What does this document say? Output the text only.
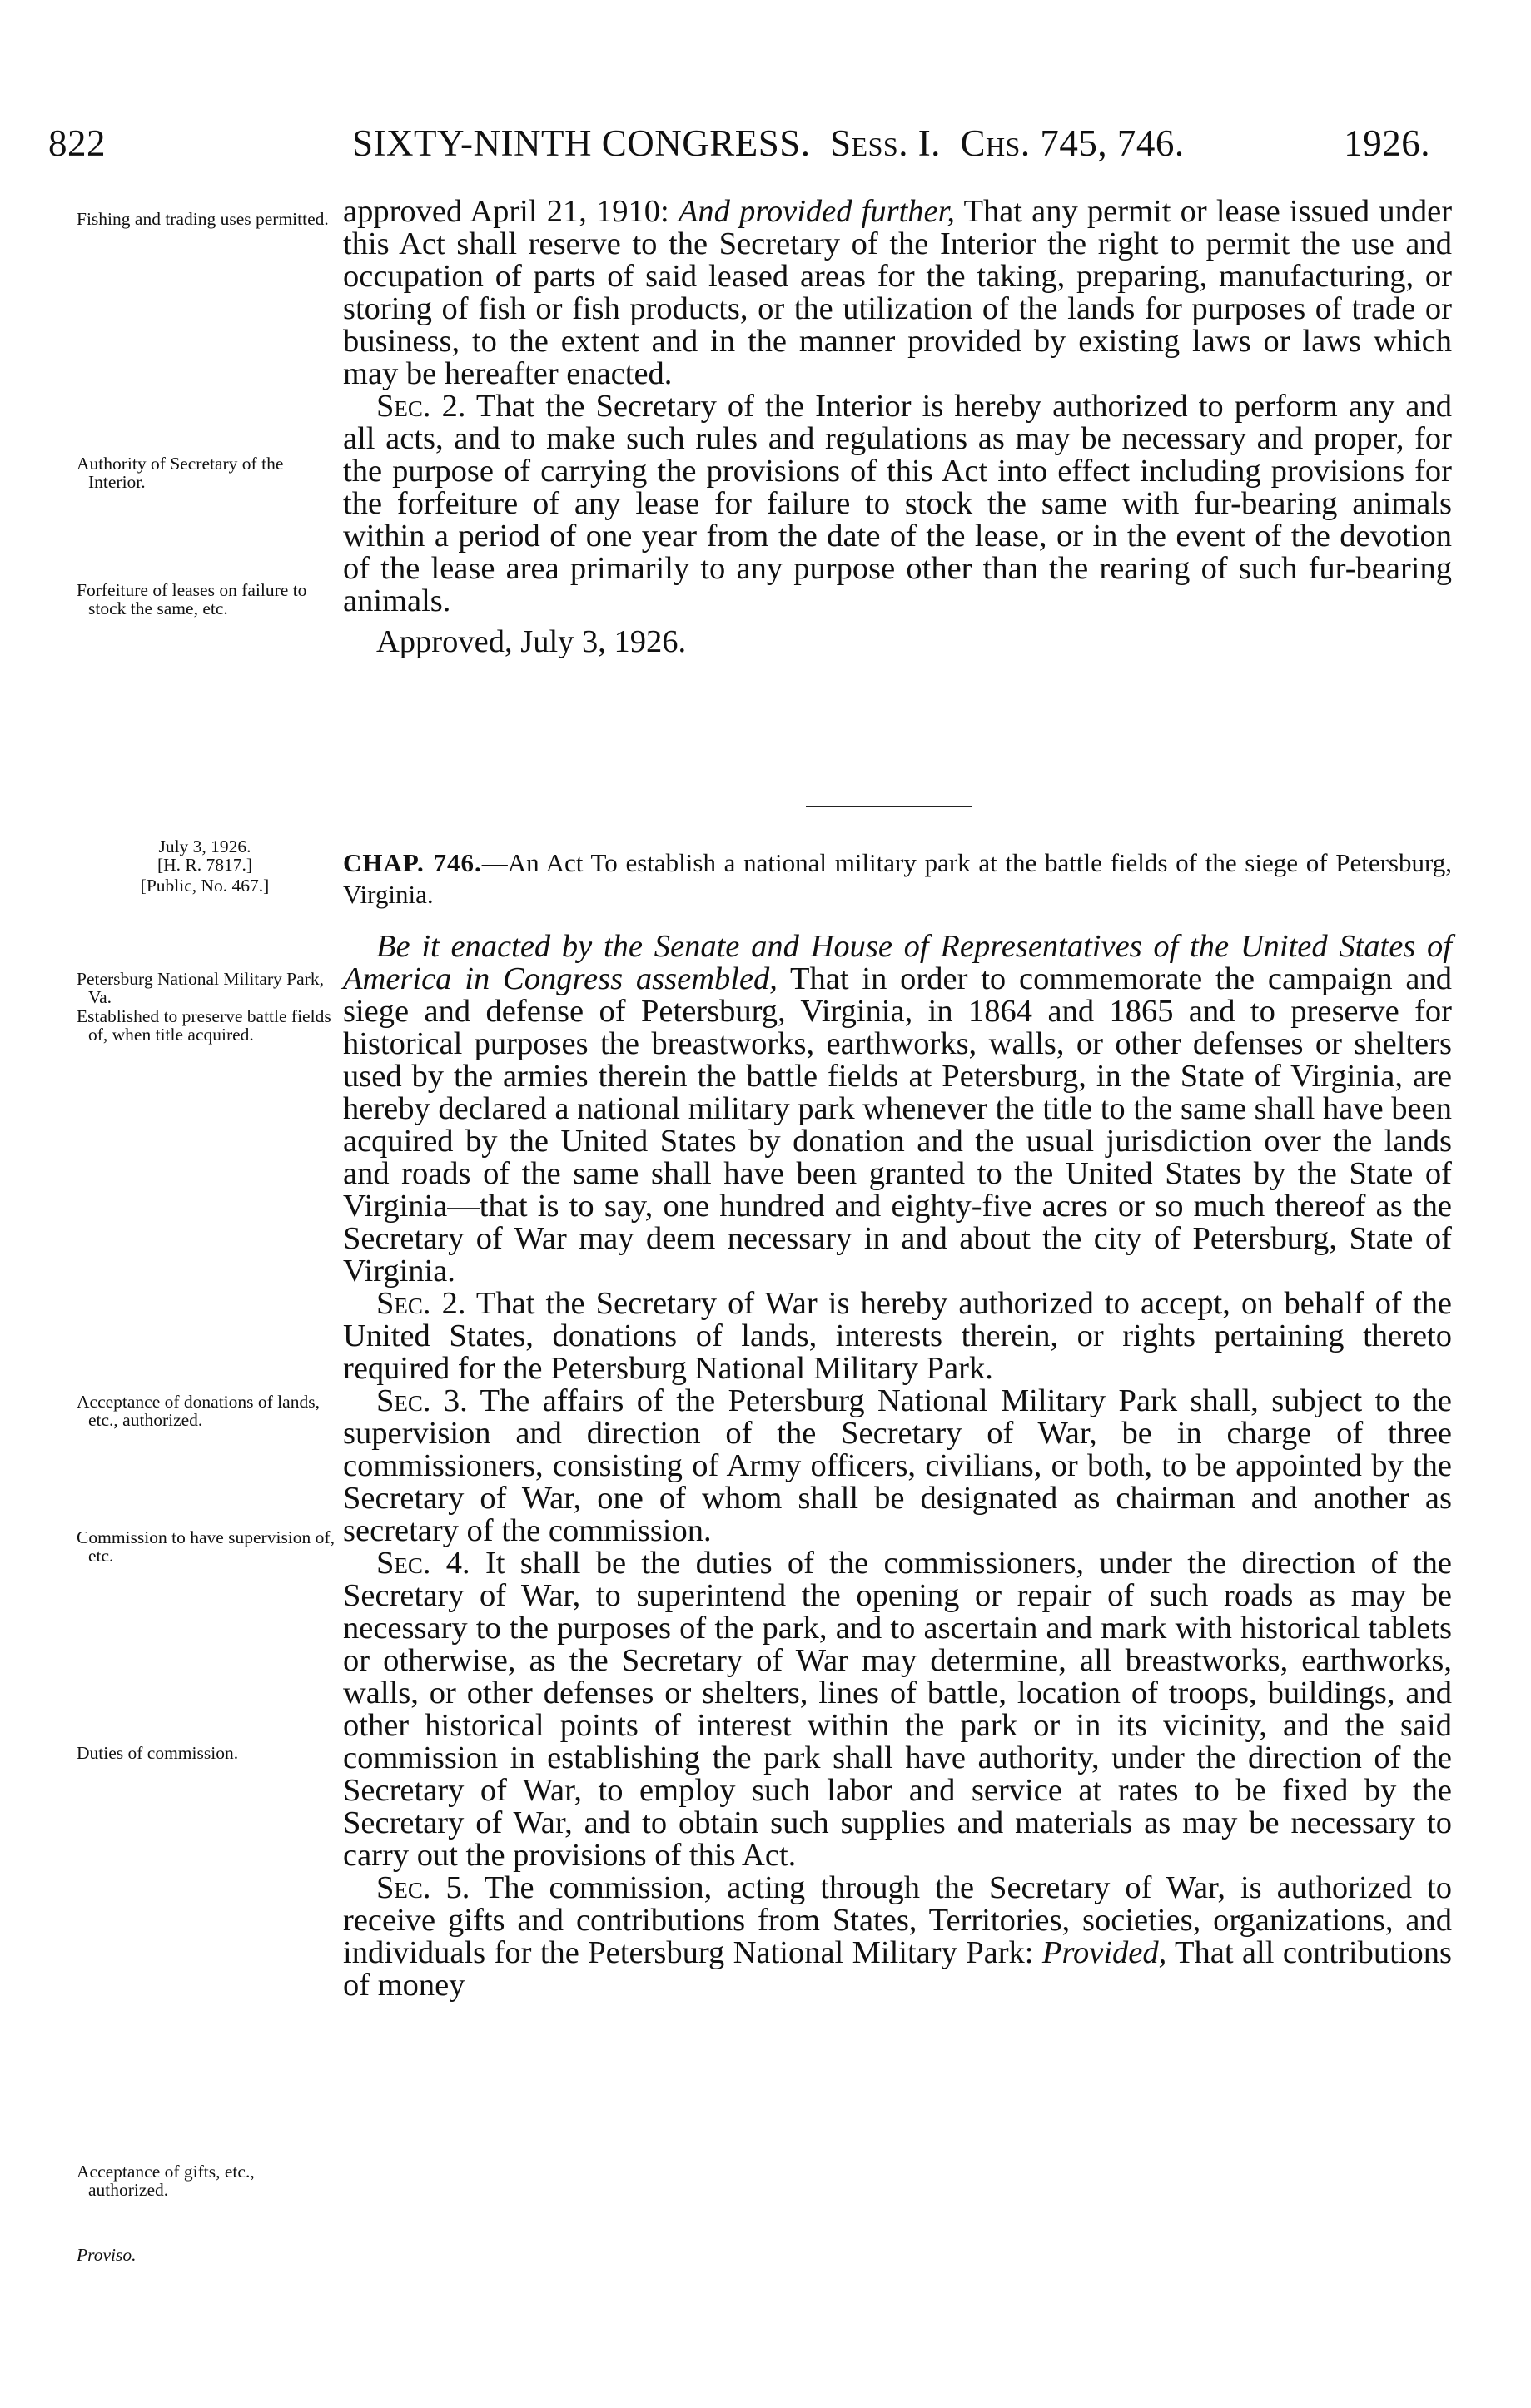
822	SIXTY-NINTH CONGRESS. Sess. I. Chs. 745, 746.	1926.
Fishing and trading uses permitted.
Authority of Secretary of the Interior.
Forfeiture of leases on failure to stock the same, etc.
July 3, 1926.
[H. R. 7817.]
[Public, No. 467.]
Petersburg National Military Park, Va.
Established to preserve battle fields of, when title acquired.
Acceptance of donations of lands, etc., authorized.
Commission to have supervision of, etc.
Duties of commission.
Acceptance of gifts, etc., authorized.
Proviso.

approved April 21, 1910: And provided further, That any permit or lease issued under this Act shall reserve to the Secretary of the Interior the right to permit the use and occupation of parts of said leased areas for the taking, preparing, manufacturing, or storing of fish or fish products, or the utilization of the lands for purposes of trade or business, to the extent and in the manner provided by existing laws or laws which may be hereafter enacted.

Sec. 2. That the Secretary of the Interior is hereby authorized to perform any and all acts, and to make such rules and regulations as may be necessary and proper, for the purpose of carrying the provisions of this Act into effect including provisions for the forfeiture of any lease for failure to stock the same with fur-bearing animals within a period of one year from the date of the lease, or in the event of the devotion of the lease area primarily to any purpose other than the rearing of such fur-bearing animals.

Approved, July 3, 1926.

CHAP. 746.—An Act To establish a national military park at the battle fields of the siege of Petersburg, Virginia.

Be it enacted by the Senate and House of Representatives of the United States of America in Congress assembled, That in order to commemorate the campaign and siege and defense of Petersburg, Virginia, in 1864 and 1865 and to preserve for historical purposes the breastworks, earthworks, walls, or other defenses or shelters used by the armies therein the battle fields at Petersburg, in the State of Virginia, are hereby declared a national military park whenever the title to the same shall have been acquired by the United States by donation and the usual jurisdiction over the lands and roads of the same shall have been granted to the United States by the State of Virginia—that is to say, one hundred and eighty-five acres or so much thereof as the Secretary of War may deem necessary in and about the city of Petersburg, State of Virginia.

Sec. 2. That the Secretary of War is hereby authorized to accept, on behalf of the United States, donations of lands, interests therein, or rights pertaining thereto required for the Petersburg National Military Park.

Sec. 3. The affairs of the Petersburg National Military Park shall, subject to the supervision and direction of the Secretary of War, be in charge of three commissioners, consisting of Army officers, civilians, or both, to be appointed by the Secretary of War, one of whom shall be designated as chairman and another as secretary of the commission.

Sec. 4. It shall be the duties of the commissioners, under the direction of the Secretary of War, to superintend the opening or repair of such roads as may be necessary to the purposes of the park, and to ascertain and mark with historical tablets or otherwise, as the Secretary of War may determine, all breastworks, earthworks, walls, or other defenses or shelters, lines of battle, location of troops, buildings, and other historical points of interest within the park or in its vicinity, and the said commission in establishing the park shall have authority, under the direction of the Secretary of War, to employ such labor and service at rates to be fixed by the Secretary of War, and to obtain such supplies and materials as may be necessary to carry out the provisions of this Act.

Sec. 5. The commission, acting through the Secretary of War, is authorized to receive gifts and contributions from States, Territories, societies, organizations, and individuals for the Petersburg National Military Park: Provided, That all contributions of money
